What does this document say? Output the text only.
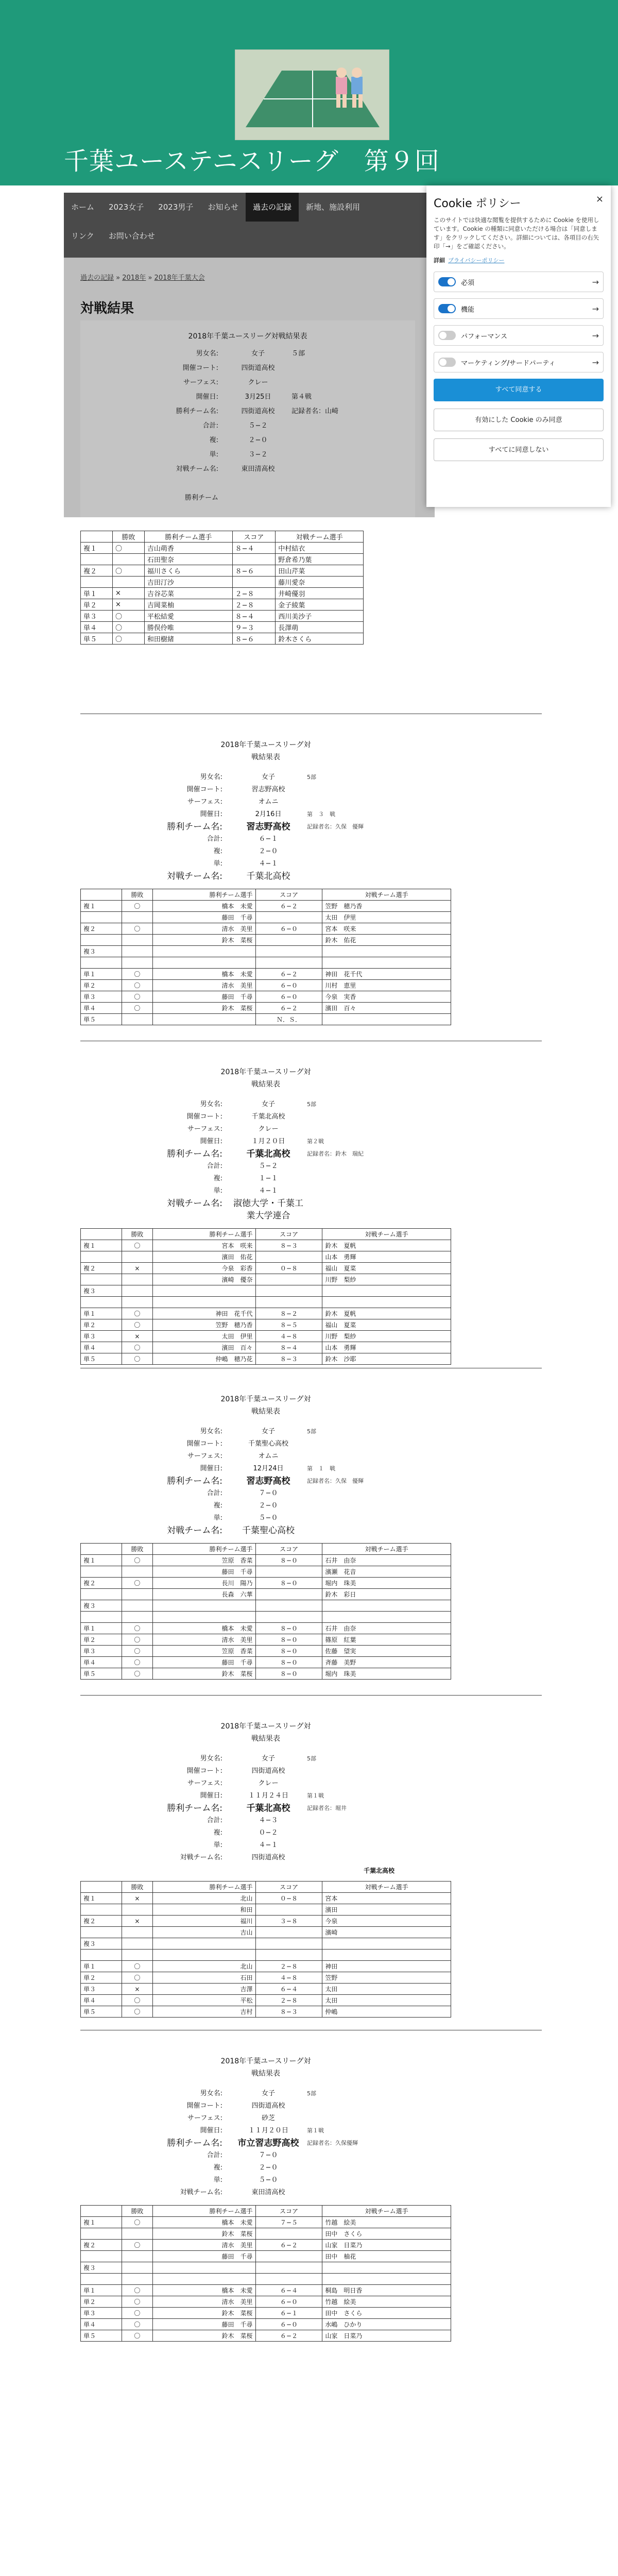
千葉ユーステニスリーグ　第９回
ホーム	2023女子	2023男子	お知らせ	過去の記録	新地、施設利用
リンク	お問い合わせ
過去の記録 » 2018年 » 2018年千葉大会
対戦結果
2018年千葉ユースリーグ対戦結果表
男女名:	女子	５部
開催コート:	四街道高校
サーフェス:	クレー
開催日:	3月25日	第４戦
勝利チーム名:	四街道高校	記録者名：山崎
合計:	５−２
複:	２−０
単:	３−２
対戦チーム名:	東田清高校
勝利チーム
×
Cookie ポリシー

このサイトでは快適な閲覧を提供するために Cookie を使用しています。Cookie の種類に同意いただける場合は「同意します」をクリックしてください。詳細については、各項目の右矢印「→」をご確認ください。

詳細 プライバシーポリシー
必須	→
機能	→
パフォーマンス	→
マーケティング/サードパーティ	→
すべて同意する
有効にした Cookie のみ同意
すべてに同意しない
	勝敗	勝利チーム選手	スコア	対戦チーム選手
複１	〇	吉山萌香	８−４	中村結衣
		石田聖奈		野倉希乃葉
複２	〇	福川さくら	８−６	田山芹菜
		吉田汀沙		藤川愛奈
単１	×	吉谷芯菜	２−８	井崎優羽
単２	×	吉岡菜柚	２−８	金子綾葉
単３	〇	平松結愛	８−４	西川美沙子
単４	〇	勝俣伶唯	９−３	長澤萌
単５	〇	和田樹緒	８−６	鈴木さくら
2018年千葉ユースリーグ対
戦結果表
男女名:	女子	5部
開催コート:	習志野高校
サーフェス:	オムニ
開催日:	2月16日	第　３　戦
勝利チーム名:	習志野高校	記録者名：久保　優輝
合計:	６−１
複:	２−０
単:	４−１
対戦チーム名:	千葉北高校
	勝敗	勝利チーム選手	スコア	対戦チーム選手
複１	〇	橋本　未愛	６−２	笠野　穂乃香
		藤田　千尋		太田　伊里
複２	〇	清水　美里	６−０	宮本　咲来
		鈴木　菜桜		鈴木　佑花
複３				

単１	〇	橋本　未愛	６−２	神田　花千代
単２	〇	清水　美里	６−０	川村　恵里
単３	〇	藤田　千尋	６−０	今泉　実香
単４	〇	鈴木　菜桜	６−２	濱田　百々
単５			Ｎ．Ｓ．	
2018年千葉ユースリーグ対
戦結果表
男女名:	女子	5部
開催コート:	千葉北高校
サーフェス:	クレー
開催日:	１月２０日	第２戦
勝利チーム名:	千葉北高校	記録者名：鈴木　瑞紀
合計:	５−２
複:	１−１
単:	４−１
対戦チーム名:	淑徳大学・千葉工業大学連合
	勝敗	勝利チーム選手	スコア	対戦チーム選手
複１	〇	宮本　咲来	８−３	鈴木　夏帆
		濱田　佑花		山本　勇輝
複２	×	今泉　彩香	０−８	福山　夏菜
		濱崎　優奈		川野　梨紗
複３				

単１	〇	神田　花千代	８−２	鈴木　夏帆
単２	〇	笠野　穂乃香	８−５	福山　夏菜
単３	×	太田　伊里	４−８	川野　梨紗
単４	〇	濱田　百々	８−４	山本　勇輝
単５	〇	仲嶋　穂乃花	８−３	鈴木　沙耶
2018年千葉ユースリーグ対
戦結果表
男女名:	女子	5部
開催コート:	千葉聖心高校
サーフェス:	オムニ
開催日:	12月24日	第　１　戦
勝利チーム名:	習志野高校	記録者名：久保　優輝
合計:	７−０
複:	２−０
単:	５−０
対戦チーム名:	千葉聖心高校
	勝敗	勝利チーム選手	スコア	対戦チーム選手
複１	〇	笠原　香菜	８−０	石井　由奈
		藤田　千尋		濱瀬　花音
複２	〇	長川　陽乃	８−０	堀内　珠美
		長森　六華		鈴木　彩日
複３				

単１	〇	橋本　未愛	８−０	石井　由奈
単２	〇	清水　美里	８−０	篠原　紅葉
単３	〇	笠原　香菜	８−０	佐藤　望実
単４	〇	藤田　千尋	８−０	斉藤　美野
単５	〇	鈴木　菜桜	８−０	堀内　珠美
2018年千葉ユースリーグ対
戦結果表
男女名:	女子	5部
開催コート:	四街道高校
サーフェス:	クレー
開催日:	１１月２４日	第１戦
勝利チーム名:	千葉北高校	記録者名：堀井
合計:	４−３
複:	０−２
単:	４−１
対戦チーム名:	四街道高校
千葉北高校
	勝敗	勝利チーム選手	スコア	対戦チーム選手
複１	×	北山	０−８	宮本
		和田		濱田
複２	×	福川	３−８	今泉
		吉山		濱崎
複３				

単１	〇	北山	２−８	神田
単２	〇	石田	４−８	笠野
単３	×	吉澤	６−４	太田
単４	〇	平松	２−８	太田
単５	〇	吉村	８−３	仲嶋
2018年千葉ユースリーグ対
戦結果表
男女名:	女子	5部
開催コート:	四街道高校
サーフェス:	砂芝
開催日:	１１月２０日	第１戦
勝利チーム名:	市立習志野高校	記録者名：久保優輝
合計:	７−０
複:	２−０
単:	５−０
対戦チーム名:	東田清高校
	勝敗	勝利チーム選手	スコア	対戦チーム選手
複１	〇	橋本　未愛	７−５	竹越　絵美
		鈴木　菜桜		田中　さくら
複２	〇	清水　美里	６−２	山家　日菜乃
		藤田　千尋		田中　柚花
複３				

単１	〇	橋本　未愛	６−４	桐島　明日香
単２	〇	清水　美里	６−０	竹越　絵美
単３	〇	鈴木　菜桜	６−１	田中　さくら
単４	〇	藤田　千尋	６−０	水嶋　ひかり
単５	〇	鈴木　菜桜	６−２	山家　日菜乃
